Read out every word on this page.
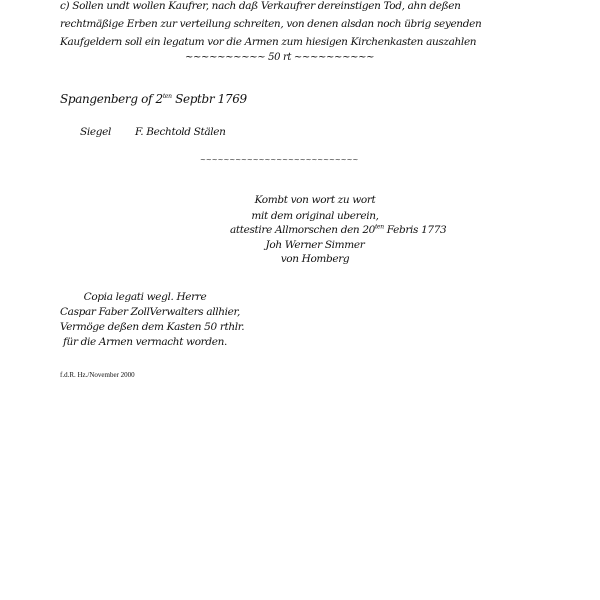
c) Sollen undt wollen Kaufrer, nach daß Verkaufrer dereinstigen Tod, ahn deßen
rechtmäßige Erben zur verteilung schreiten, von denen alsdan noch übrig seyenden
Kaufgeldern soll ein legatum vor die Armen zum hiesigen Kirchenkasten auszahlen
~~~~~~~~~~ 50 rt ~~~~~~~~~~
Spangenberg of $2^{ten}$ Septbr 1769
Siegel F. Bechtold Stälen
~~~~~~~~~~~~~~~~~~~~~~~~~~~
Kombt von wort zu wort
mit dem original uberein,
attestire Allmorschen den $20^{ten}$ Febris 1773
Joh Werner Simmer
von Homberg
Copia legati wegl. Herre
Caspar Faber ZollVerwalters allhier,
Vermöge deßen dem Kasten 50 rthlr.
für die Armen vermacht worden.
f.d.R. Hz./November 2000
